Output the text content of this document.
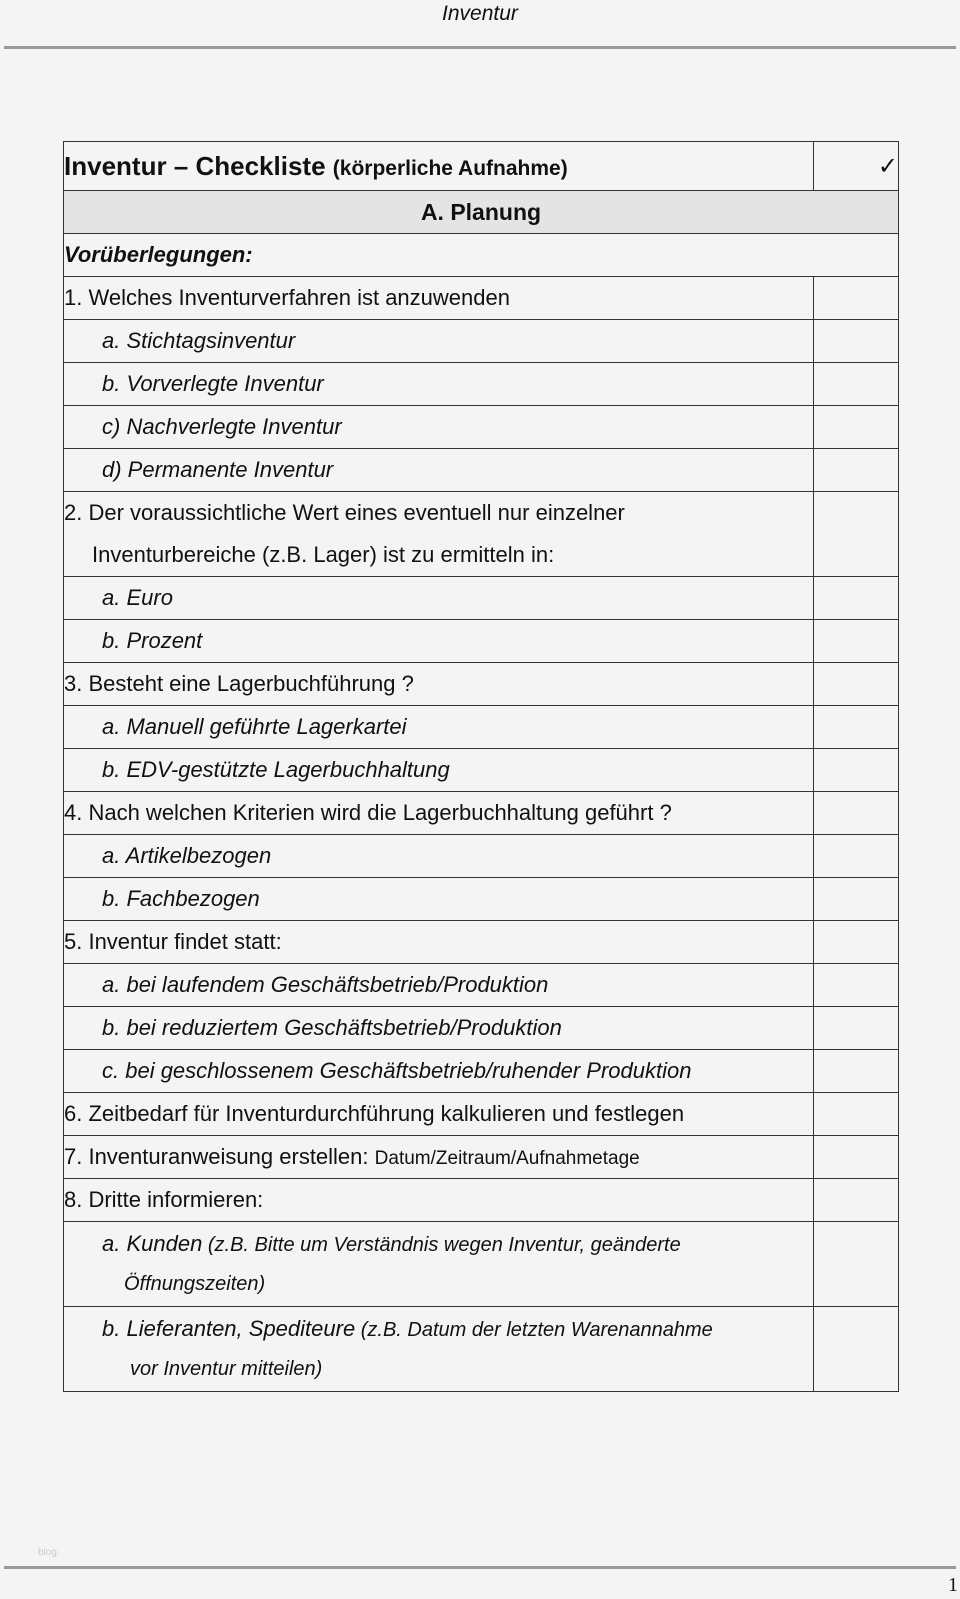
Inventur
Inventur – Checkliste (körperliche Aufnahme)	✓
A. Planung	
Vorüberlegungen:	
1. Welches Inventurverfahren ist anzuwenden	
a. Stichtagsinventur	
b. Vorverlegte Inventur	
c) Nachverlegte Inventur	
d) Permanente Inventur	

2. Der voraussichtliche Wert eines eventuell nur einzelner
Inventurbereiche (z.B. Lager) ist zu ermitteln in:	

a. Euro	
b. Prozent	
3. Besteht eine Lagerbuchführung ?	
a. Manuell geführte Lagerkartei	
b. EDV-gestützte Lagerbuchhaltung	
4. Nach welchen Kriterien wird die Lagerbuchhaltung geführt ?	
a. Artikelbezogen	
b. Fachbezogen	
5. Inventur findet statt:	
a. bei laufendem Geschäftsbetrieb/Produktion	
b. bei reduziertem Geschäftsbetrieb/Produktion	
c. bei geschlossenem Geschäftsbetrieb/ruhender Produktion	
6. Zeitbedarf für Inventurdurchführung kalkulieren und festlegen	
7. Inventuranweisung erstellen: Datum/Zeitraum/Aufnahmetage	
8. Dritte informieren:	

a. Kunden (z.B. Bitte um Verständnis wegen Inventur, geänderte
Öffnungszeiten)	

b. Lieferanten, Spediteure (z.B. Datum der letzten Warenannahme
vor Inventur mitteilen)	

blog
1
